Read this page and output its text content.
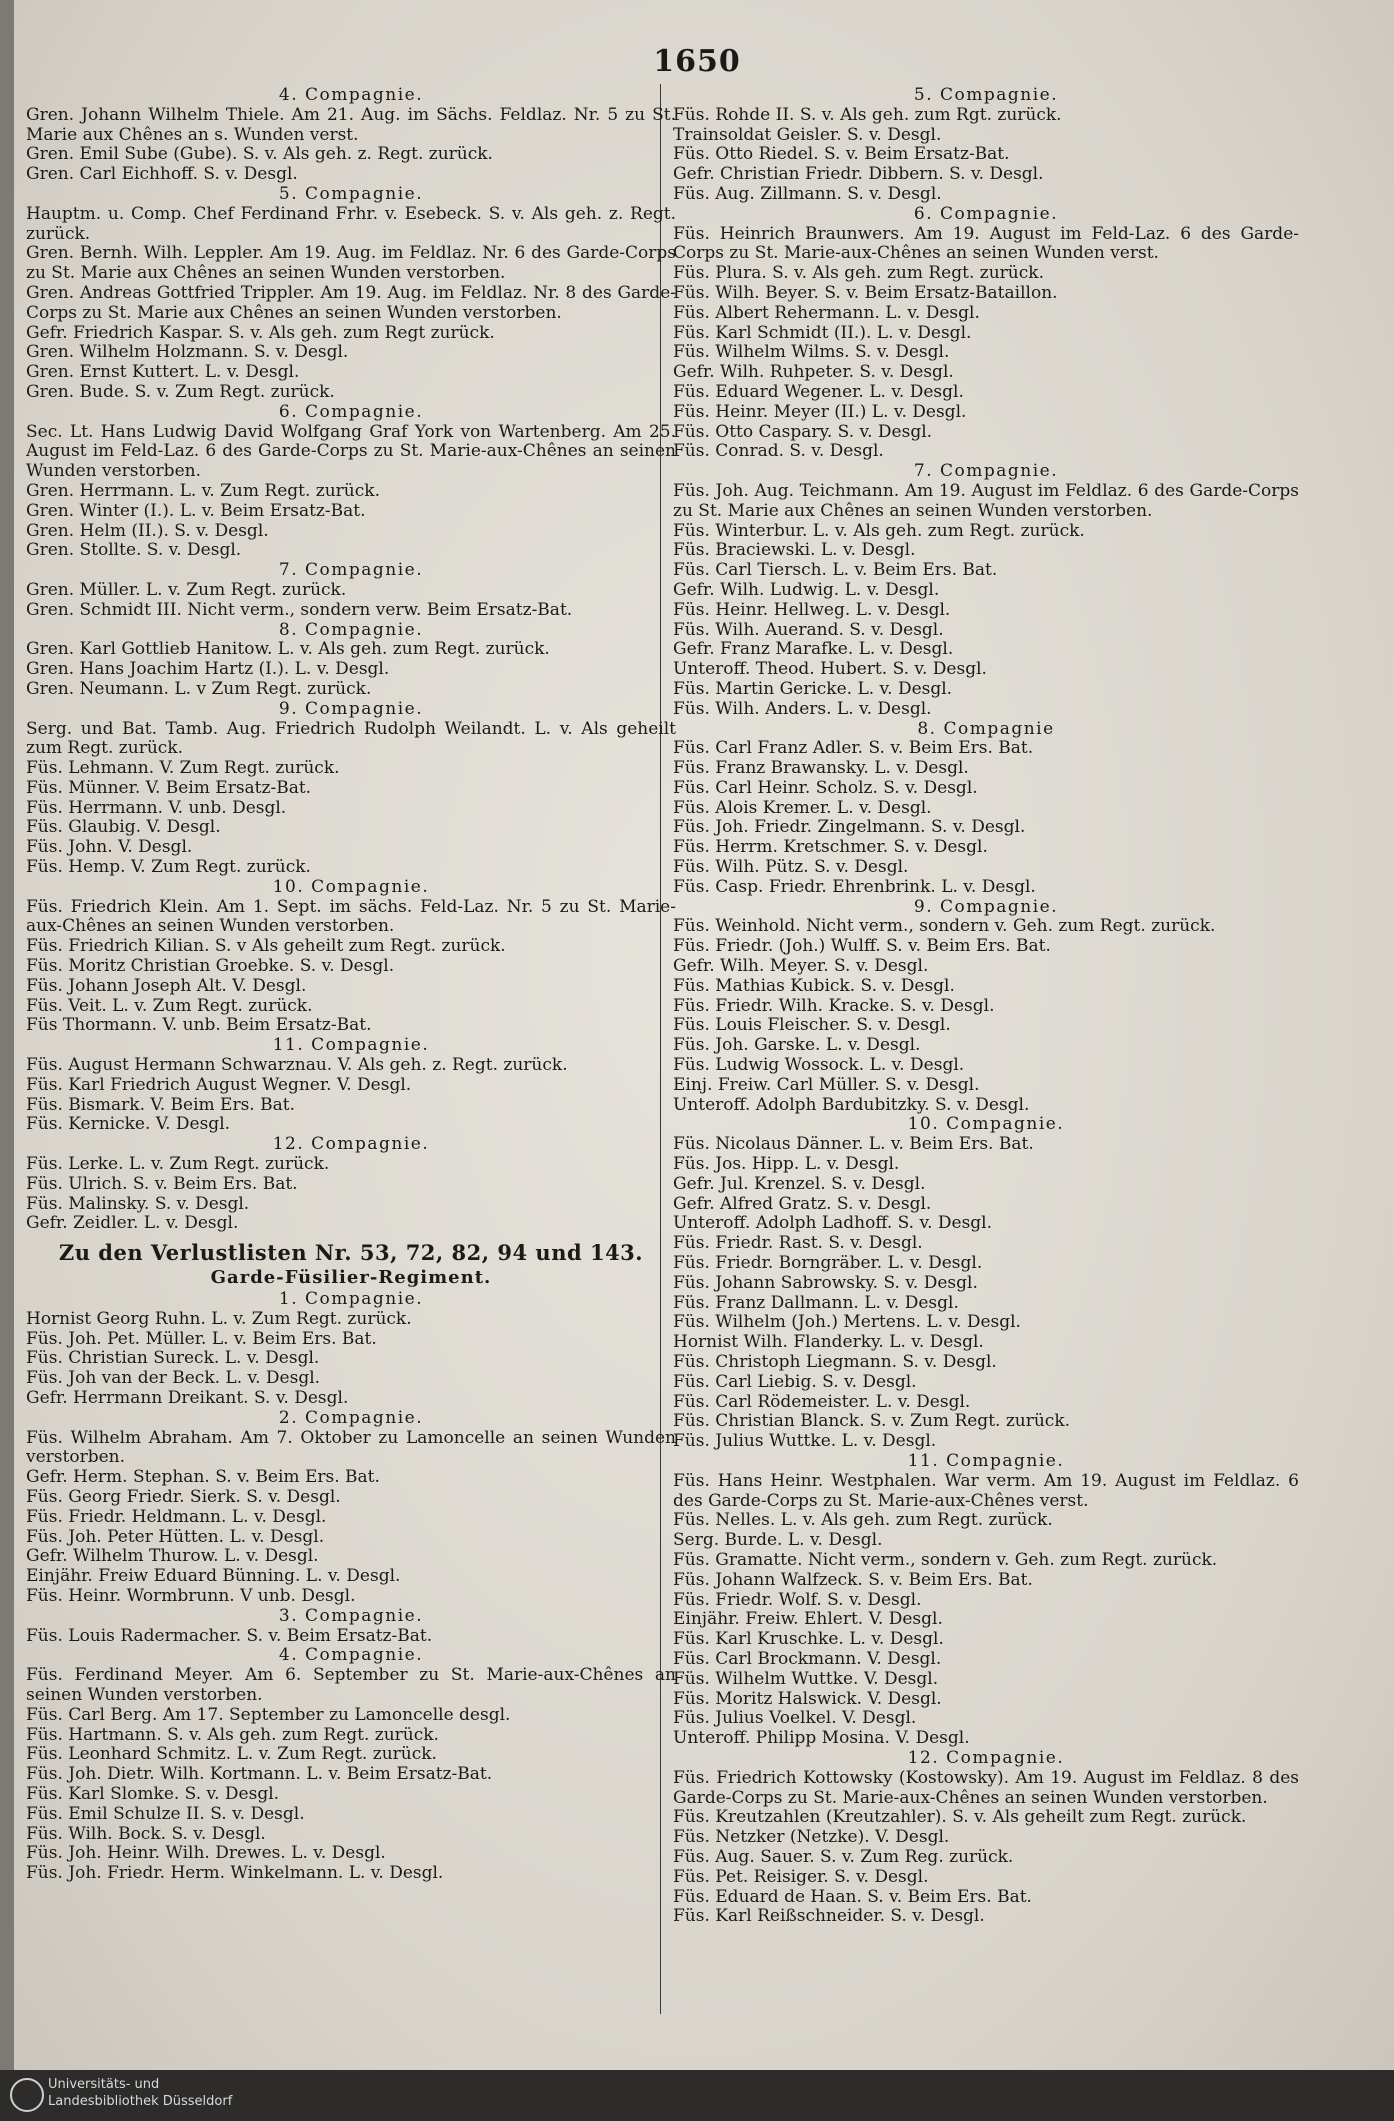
1650

4. Compagnie.

Gren. Johann Wilhelm Thiele. Am 21. Aug. im Sächs. Feldlaz. Nr. 5 zu St. Marie aux Chênes an s. Wunden verst.

Gren. Emil Sube (Gube). S. v. Als geh. z. Regt. zurück.

Gren. Carl Eichhoff. S. v. Desgl.

5. Compagnie.

Hauptm. u. Comp. Chef Ferdinand Frhr. v. Esebeck. S. v. Als geh. z. Regt. zurück.

Gren. Bernh. Wilh. Leppler. Am 19. Aug. im Feldlaz. Nr. 6 des Garde-Corps zu St. Marie aux Chênes an seinen Wunden verstorben.

Gren. Andreas Gottfried Trippler. Am 19. Aug. im Feldlaz. Nr. 8 des Garde-Corps zu St. Marie aux Chênes an seinen Wunden verstorben.

Gefr. Friedrich Kaspar. S. v. Als geh. zum Regt zurück.

Gren. Wilhelm Holzmann. S. v. Desgl.

Gren. Ernst Kuttert. L. v. Desgl.

Gren. Bude. S. v. Zum Regt. zurück.

6. Compagnie.

Sec. Lt. Hans Ludwig David Wolfgang Graf York von Wartenberg. Am 25. August im Feld-Laz. 6 des Garde-Corps zu St. Marie-aux-Chênes an seinen Wunden verstorben.

Gren. Herrmann. L. v. Zum Regt. zurück.

Gren. Winter (I.). L. v. Beim Ersatz-Bat.

Gren. Helm (II.). S. v. Desgl.

Gren. Stollte. S. v. Desgl.

7. Compagnie.

Gren. Müller. L. v. Zum Regt. zurück.

Gren. Schmidt III. Nicht verm., sondern verw. Beim Ersatz-Bat.

8. Compagnie.

Gren. Karl Gottlieb Hanitow. L. v. Als geh. zum Regt. zurück.

Gren. Hans Joachim Hartz (I.). L. v. Desgl.

Gren. Neumann. L. v Zum Regt. zurück.

9. Compagnie.

Serg. und Bat. Tamb. Aug. Friedrich Rudolph Weilandt. L. v. Als geheilt zum Regt. zurück.

Füs. Lehmann. V. Zum Regt. zurück.

Füs. Münner. V. Beim Ersatz-Bat.

Füs. Herrmann. V. unb. Desgl.

Füs. Glaubig. V. Desgl.

Füs. John. V. Desgl.

Füs. Hemp. V. Zum Regt. zurück.

10. Compagnie.

Füs. Friedrich Klein. Am 1. Sept. im sächs. Feld-Laz. Nr. 5 zu St. Marie-aux-Chênes an seinen Wunden verstorben.

Füs. Friedrich Kilian. S. v Als geheilt zum Regt. zurück.

Füs. Moritz Christian Groebke. S. v. Desgl.

Füs. Johann Joseph Alt. V. Desgl.

Füs. Veit. L. v. Zum Regt. zurück.

Füs Thormann. V. unb. Beim Ersatz-Bat.

11. Compagnie.

Füs. August Hermann Schwarznau. V. Als geh. z. Regt. zurück.

Füs. Karl Friedrich August Wegner. V. Desgl.

Füs. Bismark. V. Beim Ers. Bat.

Füs. Kernicke. V. Desgl.

12. Compagnie.

Füs. Lerke. L. v. Zum Regt. zurück.

Füs. Ulrich. S. v. Beim Ers. Bat.

Füs. Malinsky. S. v. Desgl.

Gefr. Zeidler. L. v. Desgl.

Zu den Verlustlisten Nr. 53, 72, 82, 94 und 143.

Garde-Füsilier-Regiment.

1. Compagnie.

Hornist Georg Ruhn. L. v. Zum Regt. zurück.

Füs. Joh. Pet. Müller. L. v. Beim Ers. Bat.

Füs. Christian Sureck. L. v. Desgl.

Füs. Joh van der Beck. L. v. Desgl.

Gefr. Herrmann Dreikant. S. v. Desgl.

2. Compagnie.

Füs. Wilhelm Abraham. Am 7. Oktober zu Lamoncelle an seinen Wunden verstorben.

Gefr. Herm. Stephan. S. v. Beim Ers. Bat.

Füs. Georg Friedr. Sierk. S. v. Desgl.

Füs. Friedr. Heldmann. L. v. Desgl.

Füs. Joh. Peter Hütten. L. v. Desgl.

Gefr. Wilhelm Thurow. L. v. Desgl.

Einjähr. Freiw Eduard Bünning. L. v. Desgl.

Füs. Heinr. Wormbrunn. V unb. Desgl.

3. Compagnie.

Füs. Louis Radermacher. S. v. Beim Ersatz-Bat.

4. Compagnie.

Füs. Ferdinand Meyer. Am 6. September zu St. Marie-aux-Chênes an seinen Wunden verstorben.

Füs. Carl Berg. Am 17. September zu Lamoncelle desgl.

Füs. Hartmann. S. v. Als geh. zum Regt. zurück.

Füs. Leonhard Schmitz. L. v. Zum Regt. zurück.

Füs. Joh. Dietr. Wilh. Kortmann. L. v. Beim Ersatz-Bat.

Füs. Karl Slomke. S. v. Desgl.

Füs. Emil Schulze II. S. v. Desgl.

Füs. Wilh. Bock. S. v. Desgl.

Füs. Joh. Heinr. Wilh. Drewes. L. v. Desgl.

Füs. Joh. Friedr. Herm. Winkelmann. L. v. Desgl.

5. Compagnie.

Füs. Rohde II. S. v. Als geh. zum Rgt. zurück.

Trainsoldat Geisler. S. v. Desgl.

Füs. Otto Riedel. S. v. Beim Ersatz-Bat.

Gefr. Christian Friedr. Dibbern. S. v. Desgl.

Füs. Aug. Zillmann. S. v. Desgl.

6. Compagnie.

Füs. Heinrich Braunwers. Am 19. August im Feld-Laz. 6 des Garde-Corps zu St. Marie-aux-Chênes an seinen Wunden verst.

Füs. Plura. S. v. Als geh. zum Regt. zurück.

Füs. Wilh. Beyer. S. v. Beim Ersatz-Bataillon.

Füs. Albert Rehermann. L. v. Desgl.

Füs. Karl Schmidt (II.). L. v. Desgl.

Füs. Wilhelm Wilms. S. v. Desgl.

Gefr. Wilh. Ruhpeter. S. v. Desgl.

Füs. Eduard Wegener. L. v. Desgl.

Füs. Heinr. Meyer (II.) L. v. Desgl.

Füs. Otto Caspary. S. v. Desgl.

Füs. Conrad. S. v. Desgl.

7. Compagnie.

Füs. Joh. Aug. Teichmann. Am 19. August im Feldlaz. 6 des Garde-Corps zu St. Marie aux Chênes an seinen Wunden verstorben.

Füs. Winterbur. L. v. Als geh. zum Regt. zurück.

Füs. Braciewski. L. v. Desgl.

Füs. Carl Tiersch. L. v. Beim Ers. Bat.

Gefr. Wilh. Ludwig. L. v. Desgl.

Füs. Heinr. Hellweg. L. v. Desgl.

Füs. Wilh. Auerand. S. v. Desgl.

Gefr. Franz Marafke. L. v. Desgl.

Unteroff. Theod. Hubert. S. v. Desgl.

Füs. Martin Gericke. L. v. Desgl.

Füs. Wilh. Anders. L. v. Desgl.

8. Compagnie

Füs. Carl Franz Adler. S. v. Beim Ers. Bat.

Füs. Franz Brawansky. L. v. Desgl.

Füs. Carl Heinr. Scholz. S. v. Desgl.

Füs. Alois Kremer. L. v. Desgl.

Füs. Joh. Friedr. Zingelmann. S. v. Desgl.

Füs. Herrm. Kretschmer. S. v. Desgl.

Füs. Wilh. Pütz. S. v. Desgl.

Füs. Casp. Friedr. Ehrenbrink. L. v. Desgl.

9. Compagnie.

Füs. Weinhold. Nicht verm., sondern v. Geh. zum Regt. zurück.

Füs. Friedr. (Joh.) Wulff. S. v. Beim Ers. Bat.

Gefr. Wilh. Meyer. S. v. Desgl.

Füs. Mathias Kubick. S. v. Desgl.

Füs. Friedr. Wilh. Kracke. S. v. Desgl.

Füs. Louis Fleischer. S. v. Desgl.

Füs. Joh. Garske. L. v. Desgl.

Füs. Ludwig Wossock. L. v. Desgl.

Einj. Freiw. Carl Müller. S. v. Desgl.

Unteroff. Adolph Bardubitzky. S. v. Desgl.

10. Compagnie.

Füs. Nicolaus Dänner. L. v. Beim Ers. Bat.

Füs. Jos. Hipp. L. v. Desgl.

Gefr. Jul. Krenzel. S. v. Desgl.

Gefr. Alfred Gratz. S. v. Desgl.

Unteroff. Adolph Ladhoff. S. v. Desgl.

Füs. Friedr. Rast. S. v. Desgl.

Füs. Friedr. Borngräber. L. v. Desgl.

Füs. Johann Sabrowsky. S. v. Desgl.

Füs. Franz Dallmann. L. v. Desgl.

Füs. Wilhelm (Joh.) Mertens. L. v. Desgl.

Hornist Wilh. Flanderky. L. v. Desgl.

Füs. Christoph Liegmann. S. v. Desgl.

Füs. Carl Liebig. S. v. Desgl.

Füs. Carl Rödemeister. L. v. Desgl.

Füs. Christian Blanck. S. v. Zum Regt. zurück.

Füs. Julius Wuttke. L. v. Desgl.

11. Compagnie.

Füs. Hans Heinr. Westphalen. War verm. Am 19. August im Feldlaz. 6 des Garde-Corps zu St. Marie-aux-Chênes verst.

Füs. Nelles. L. v. Als geh. zum Regt. zurück.

Serg. Burde. L. v. Desgl.

Füs. Gramatte. Nicht verm., sondern v. Geh. zum Regt. zurück.

Füs. Johann Walfzeck. S. v. Beim Ers. Bat.

Füs. Friedr. Wolf. S. v. Desgl.

Einjähr. Freiw. Ehlert. V. Desgl.

Füs. Karl Kruschke. L. v. Desgl.

Füs. Carl Brockmann. V. Desgl.

Füs. Wilhelm Wuttke. V. Desgl.

Füs. Moritz Halswick. V. Desgl.

Füs. Julius Voelkel. V. Desgl.

Unteroff. Philipp Mosina. V. Desgl.

12. Compagnie.

Füs. Friedrich Kottowsky (Kostowsky). Am 19. August im Feldlaz. 8 des Garde-Corps zu St. Marie-aux-Chênes an seinen Wunden verstorben.

Füs. Kreutzahlen (Kreutzahler). S. v. Als geheilt zum Regt. zurück.

Füs. Netzker (Netzke). V. Desgl.

Füs. Aug. Sauer. S. v. Zum Reg. zurück.

Füs. Pet. Reisiger. S. v. Desgl.

Füs. Eduard de Haan. S. v. Beim Ers. Bat.

Füs. Karl Reißschneider. S. v. Desgl.

Universitäts- und
Landesbibliothek Düsseldorf
